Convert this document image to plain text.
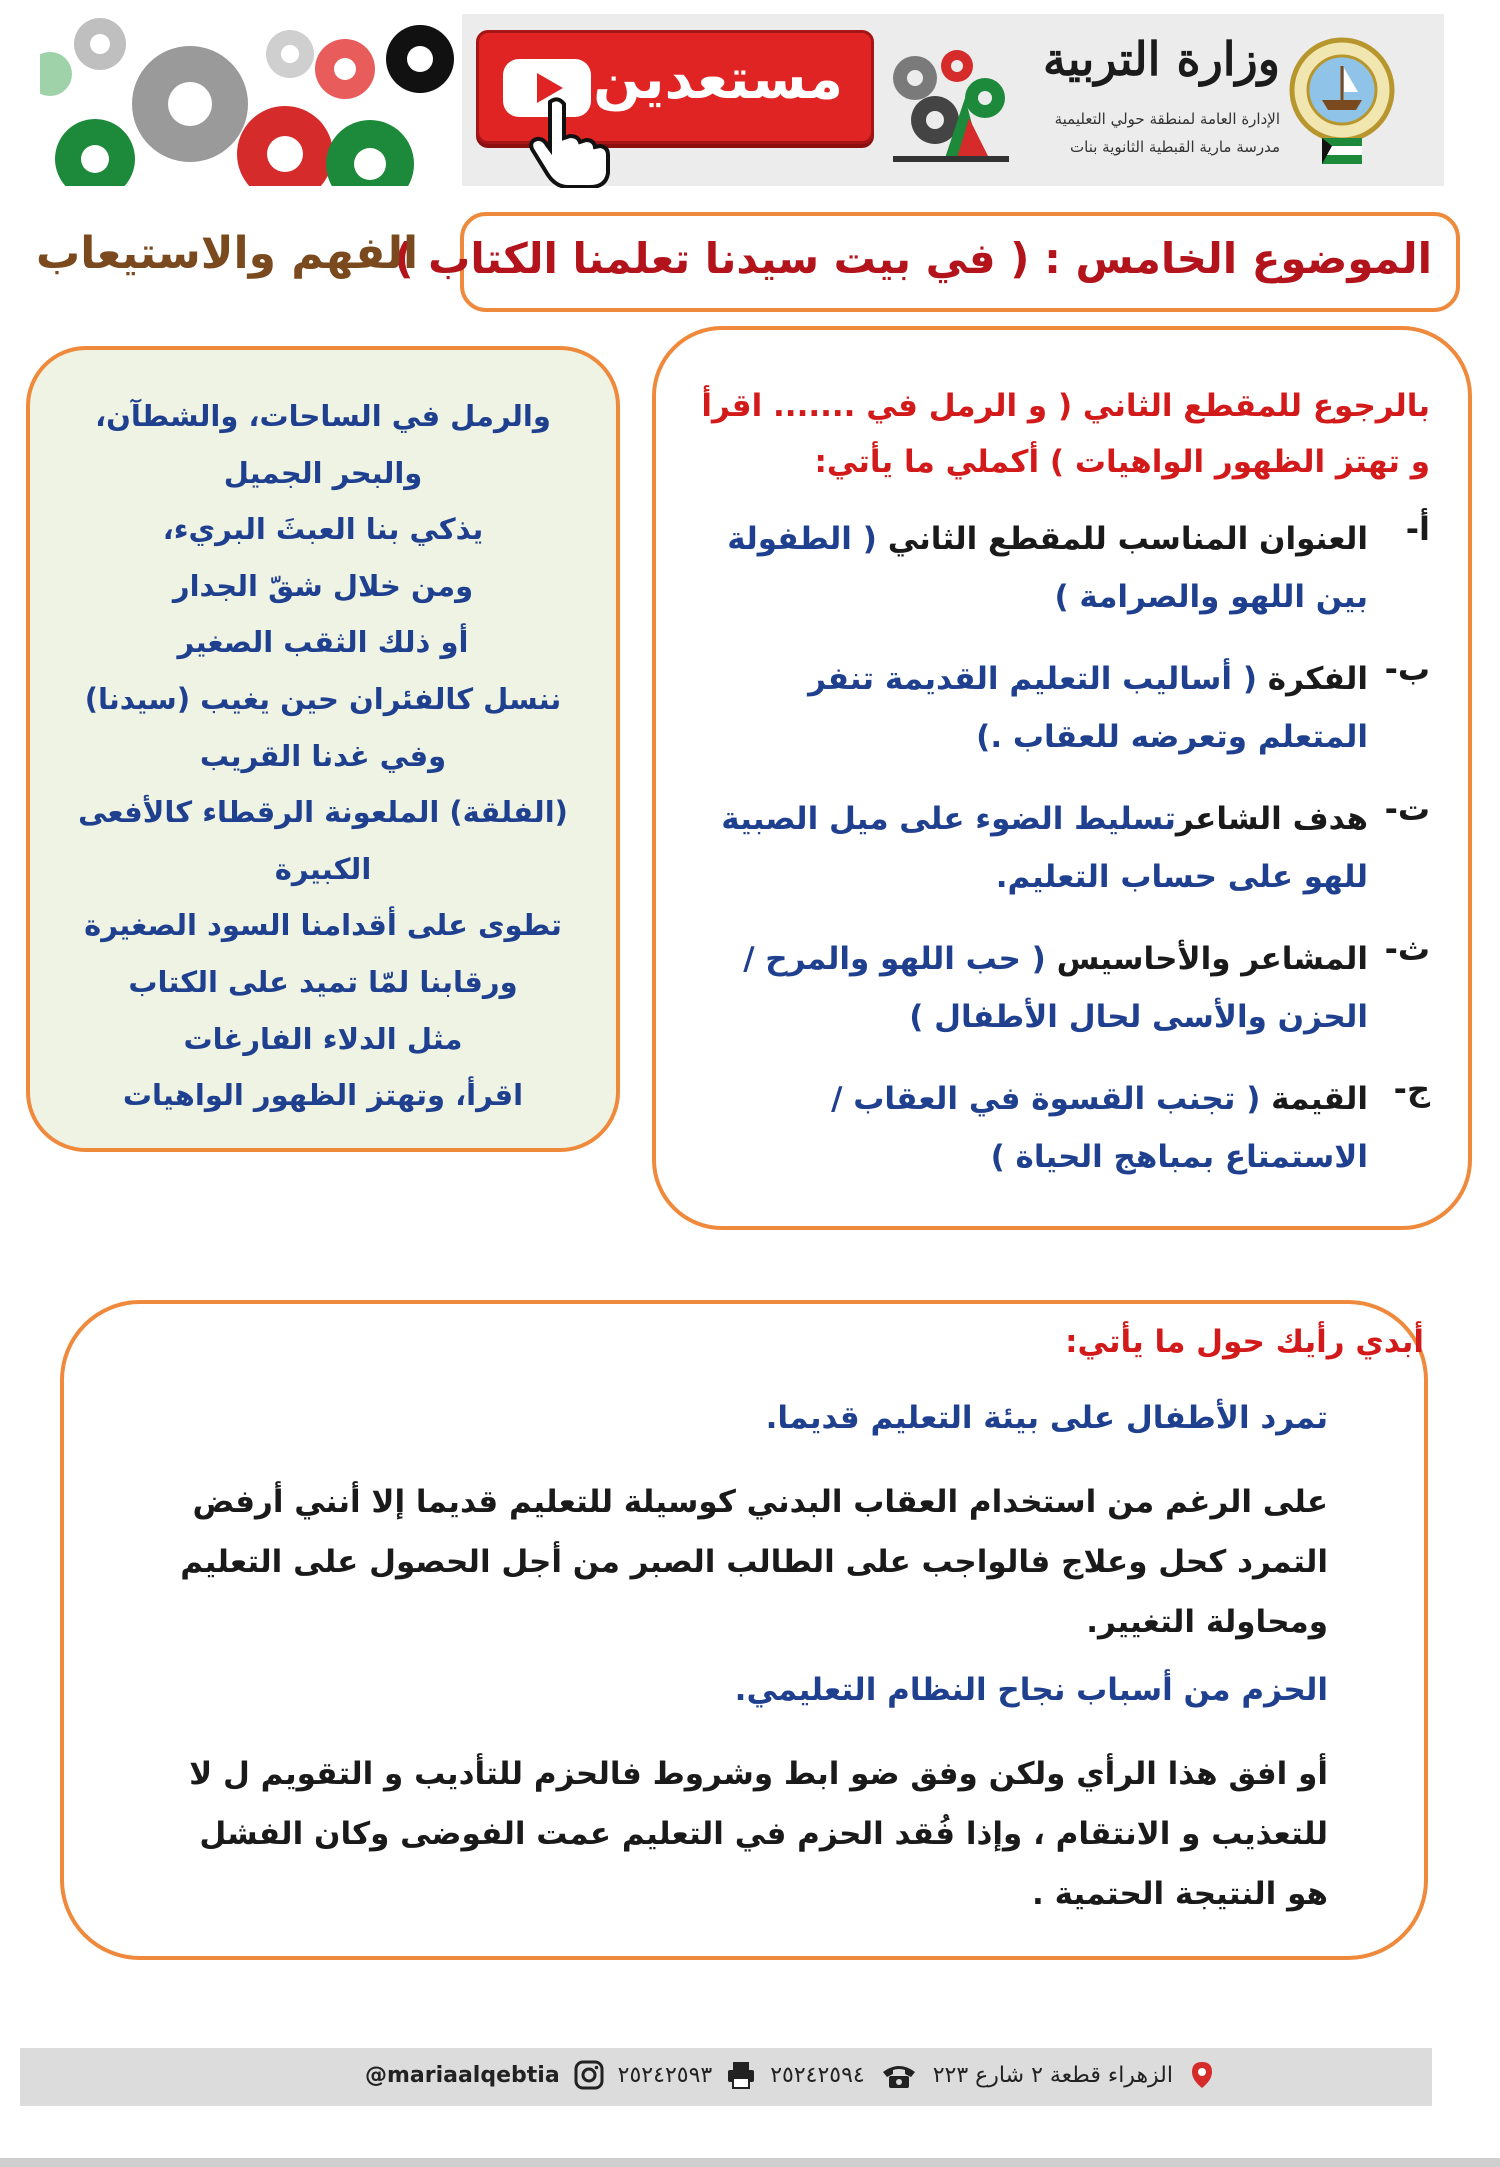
مستعدين	وزارة التربية
الإدارة العامة لمنطقة حولي التعليمية
مدرسة مارية القبطية الثانوية بنات
الموضوع الخامس : ( في بيت سيدنا تعلمنا الكتاب )
الفهم والاستيعاب
والرمل في الساحات، والشطآن،
والبحر الجميل
يذكي بنا العبثَ البريء،
ومن خلال شقّ الجدار
أو ذلك الثقب الصغير
ننسل كالفئران حين يغيب (سيدنا)
وفي غدنا القريب
(الفلقة) الملعونة الرقطاء كالأفعى
الكبيرة
تطوى على أقدامنا السود الصغيرة
ورقابنا لمّا تميد على الكتاب
مثل الدلاء الفارغات
اقرأ، وتهتز الظهور الواهيات
بالرجوع للمقطع الثاني ( و الرمل في ....... اقرأ و تهتز الظهور الواهيات ) أكملي ما يأتي:
أ-
العنوان المناسب للمقطع الثاني ( الطفولة بين اللهو والصرامة )
ب-
الفكرة ( أساليب التعليم القديمة تنفر المتعلم وتعرضه للعقاب .)
ت-
هدف الشاعرتسليط الضوء على ميل الصبية للهو على حساب التعليم.
ث-
المشاعر والأحاسيس ( حب اللهو والمرح / الحزن والأسى لحال الأطفال )
ج-
القيمة ( تجنب القسوة في العقاب / الاستمتاع بمباهج الحياة )
أبدي رأيك حول ما يأتي:
تمرد الأطفال على بيئة التعليم قديما.
على الرغم من استخدام العقاب البدني كوسيلة للتعليم قديما إلا أنني أرفض التمرد كحل وعلاج فالواجب على الطالب الصبر من أجل الحصول على التعليم ومحاولة التغيير.
الحزم من أسباب نجاح النظام التعليمي.
أو افق هذا الرأي ولكن وفق ضو ابط وشروط فالحزم للتأديب و التقويم ل لا للتعذيب و الانتقام ، وإذا فُقد الحزم في التعليم عمت الفوضى وكان الفشل هو النتيجة الحتمية .
الزهراء قطعة ٢ شارع ٢٢٣
٢٥٢٤٢٥٩٤
٢٥٢٤٢٥٩٣
@mariaalqebtia
